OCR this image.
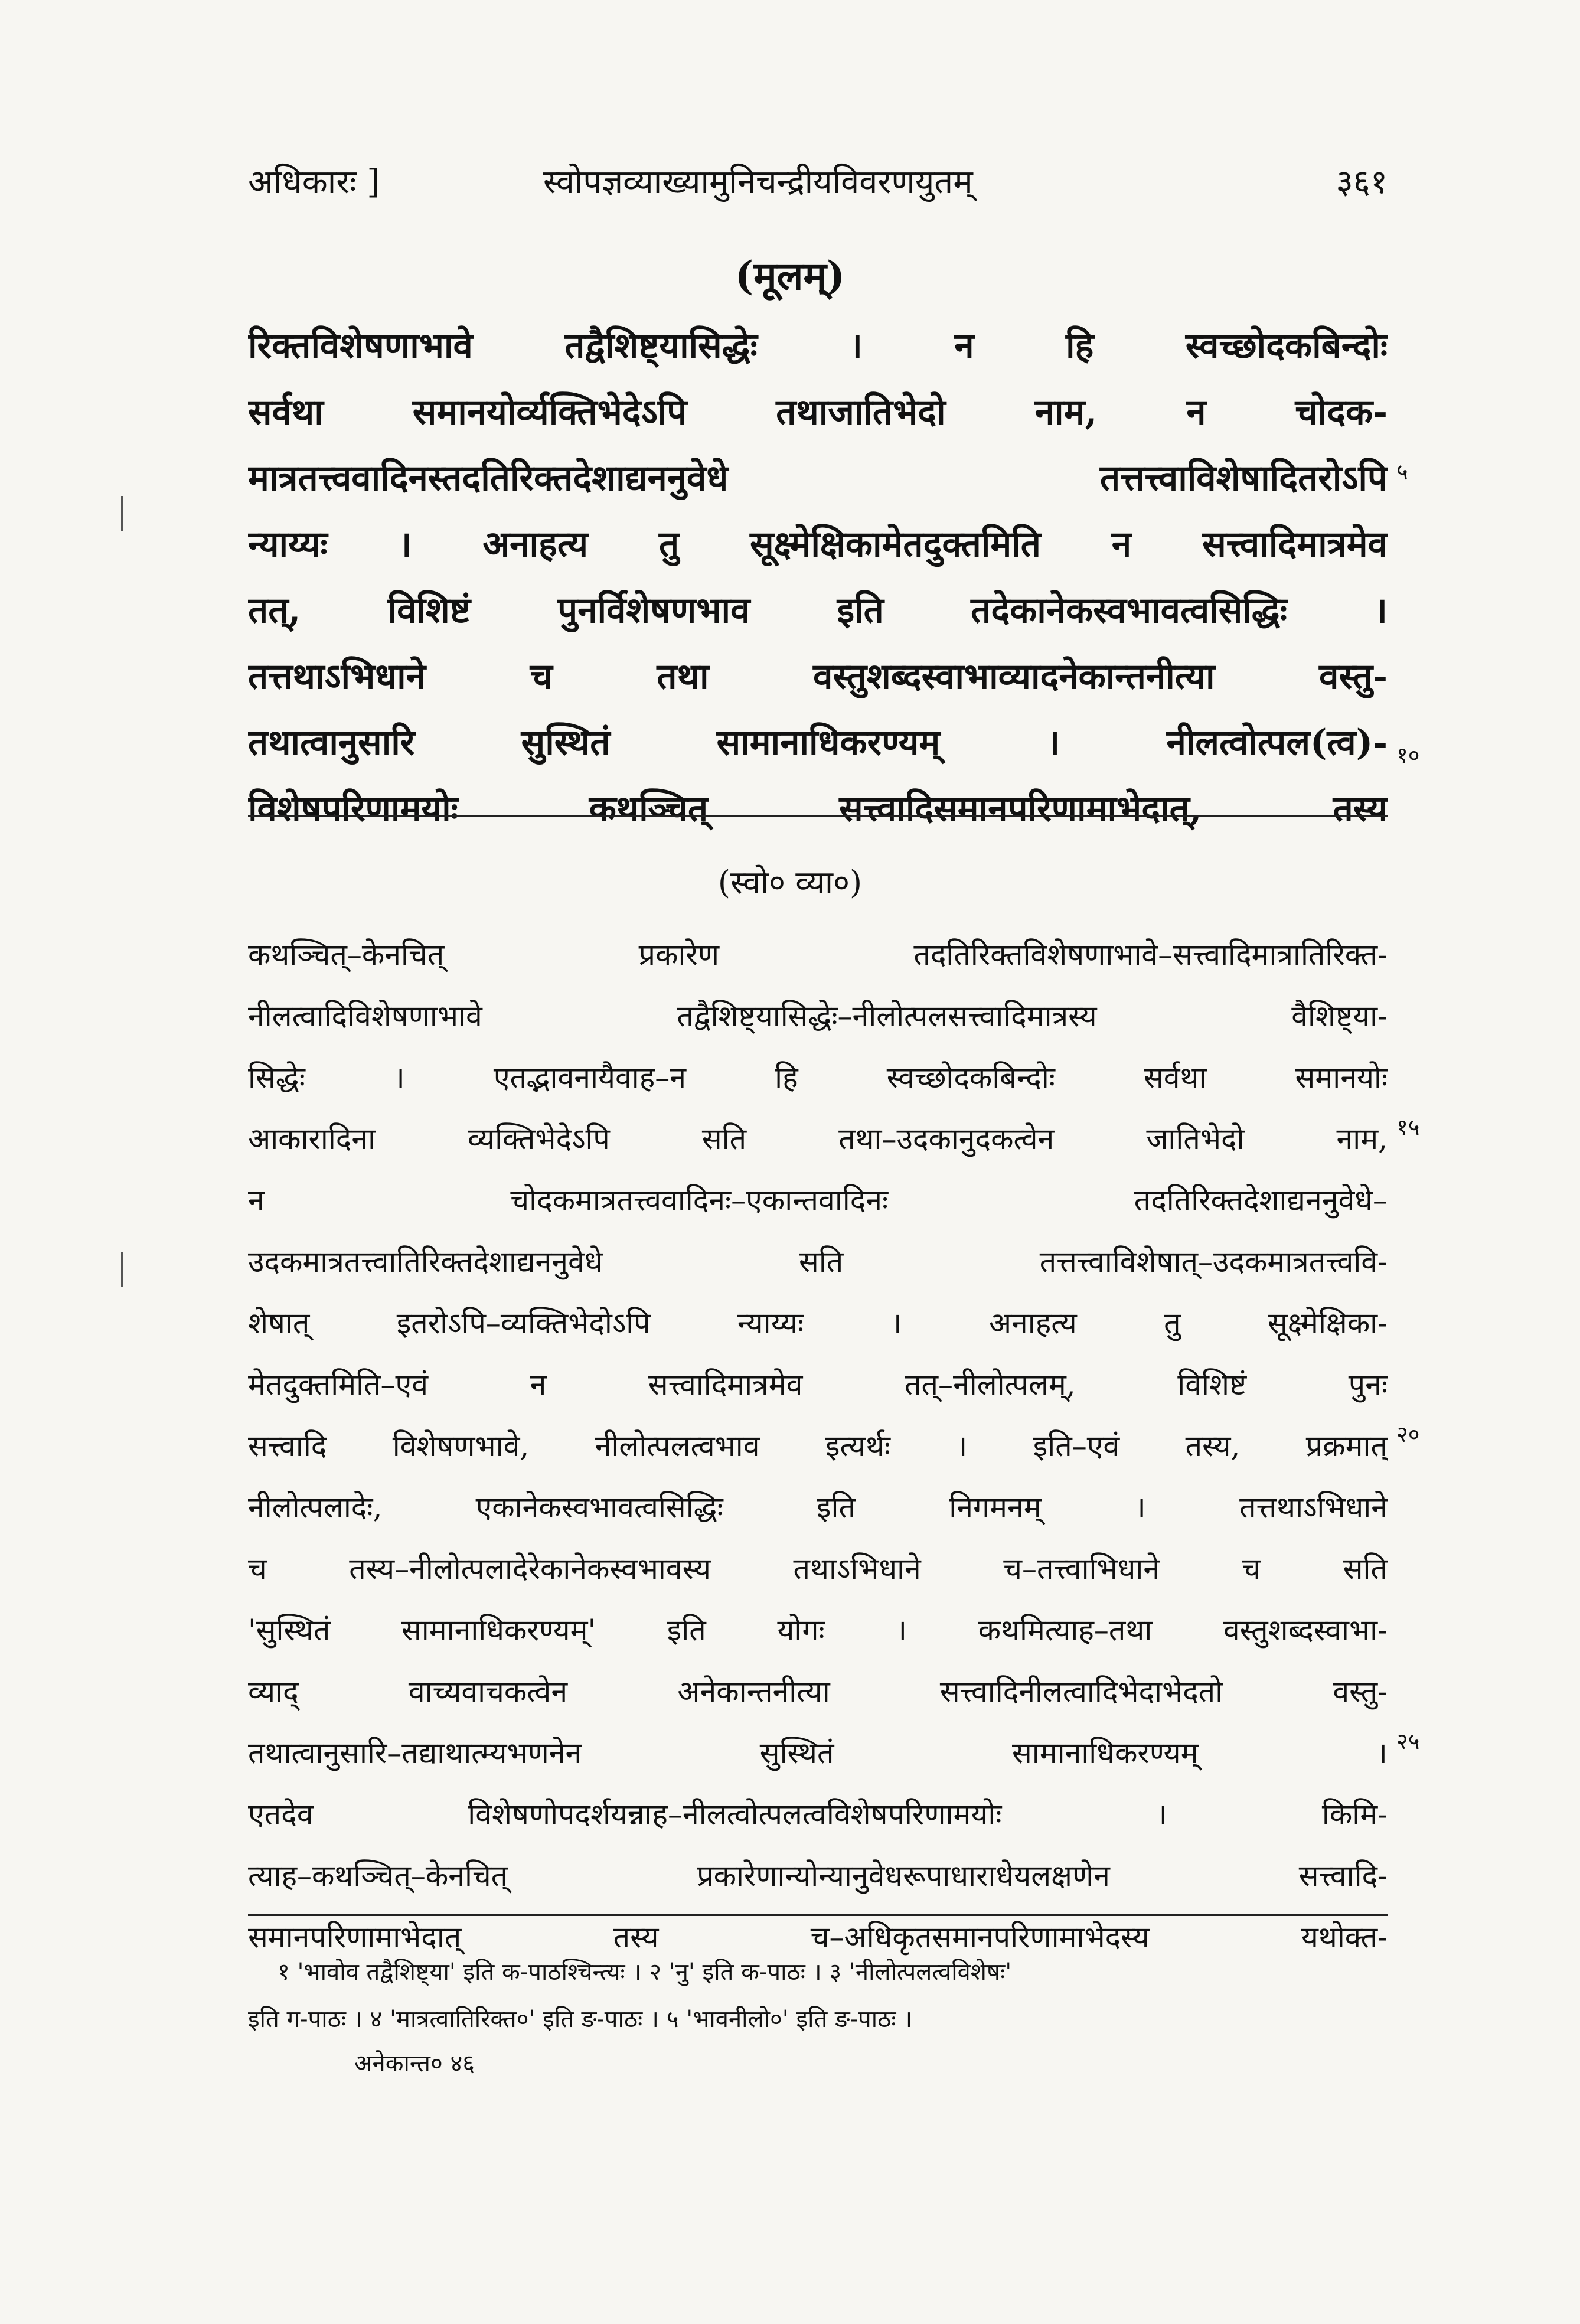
अधिकारः ]	स्वोपज्ञव्याख्यामुनिचन्द्रीयविवरणयुतम्	३६१
(मूलम्)
रिक्तविशेषणाभावे तद्वैशिष्ट्यासिद्धेः । न हि स्वच्छोदकबिन्दोः
सर्वथा समानयोर्व्यक्तिभेदेऽपि तथाजातिभेदो नाम, न चोदक-
मात्रतत्त्ववादिनस्तदतिरिक्तदेशाद्यननुवेधे तत्तत्त्वाविशेषादितरोऽपि
न्याय्यः । अनाहत्य तु सूक्ष्मेक्षिकामेतदुक्तमिति न सत्त्वादिमात्रमेव
तत्, विशिष्टं पुनर्विशेषणभाव इति तदेकानेकस्वभावत्वसिद्धिः ।
तत्तथाऽभिधाने च तथा वस्तुशब्दस्वाभाव्यादनेकान्तनीत्या वस्तु-
तथात्वानुसारि सुस्थितं सामानाधिकरण्यम् । नीलत्वोत्पल(त्व)-
विशेषपरिणामयोः कथञ्चित् सत्त्वादिसमानपरिणामाभेदात्, तस्य
५
१०
(स्वो० व्या०)
कथञ्चित्–केनचित् प्रकारेण तदतिरिक्तविशेषणाभावे–सत्त्वादिमात्रातिरिक्त-
नीलत्वादिविशेषणाभावे तद्वैशिष्ट्यासिद्धेः–नीलोत्पलसत्त्वादिमात्रस्य वैशिष्ट्या-
सिद्धेः । एतद्भावनायैवाह–न हि स्वच्छोदकबिन्दोः सर्वथा समानयोः
आकारादिना व्यक्तिभेदेऽपि सति तथा–उदकानुदकत्वेन जातिभेदो नाम,
न चोदकमात्रतत्त्ववादिनः–एकान्तवादिनः तदतिरिक्तदेशाद्यननुवेधे–
उदकमात्रतत्त्वातिरिक्तदेशाद्यननुवेधे सति तत्तत्त्वाविशेषात्–उदकमात्रतत्त्ववि-
शेषात् इतरोऽपि–व्यक्तिभेदोऽपि न्याय्यः । अनाहत्य तु सूक्ष्मेक्षिका-
मेतदुक्तमिति–एवं न सत्त्वादिमात्रमेव तत्–नीलोत्पलम्, विशिष्टं पुनः
सत्त्वादि विशेषणभावे, नीलोत्पलत्वभाव इत्यर्थः । इति–एवं तस्य, प्रक्रमात्
नीलोत्पलादेः, एकानेकस्वभावत्वसिद्धिः इति निगमनम् । तत्तथाऽभिधाने
च तस्य–नीलोत्पलादेरेकानेकस्वभावस्य तथाऽभिधाने च–तत्त्वाभिधाने च सति
'सुस्थितं सामानाधिकरण्यम्' इति योगः । कथमित्याह–तथा वस्तुशब्दस्वाभा-
व्याद् वाच्यवाचकत्वेन अनेकान्तनीत्या सत्त्वादिनीलत्वादिभेदाभेदतो वस्तु-
तथात्वानुसारि–तद्याथात्म्यभणनेन सुस्थितं सामानाधिकरण्यम् ।
एतदेव विशेषणोपदर्शयन्नाह–नीलत्वोत्पलत्वविशेषपरिणामयोः । किमि-
त्याह–कथञ्चित्–केनचित् प्रकारेणान्योन्यानुवेधरूपाधाराधेयलक्षणेन सत्त्वादि-
समानपरिणामाभेदात् तस्य च–अधिकृतसमानपरिणामाभेदस्य यथोक्त-
१५
२०
२५
१ 'भावोव तद्वैशिष्ट्या' इति क-पाठश्चिन्त्यः । २ 'नु' इति क-पाठः । ३ 'नीलोत्पलत्वविशेषः'
इति ग-पाठः । ४ 'मात्रत्वातिरिक्त०' इति ङ-पाठः । ५ 'भावनीलो०' इति ङ-पाठः ।
अनेकान्त० ४६
